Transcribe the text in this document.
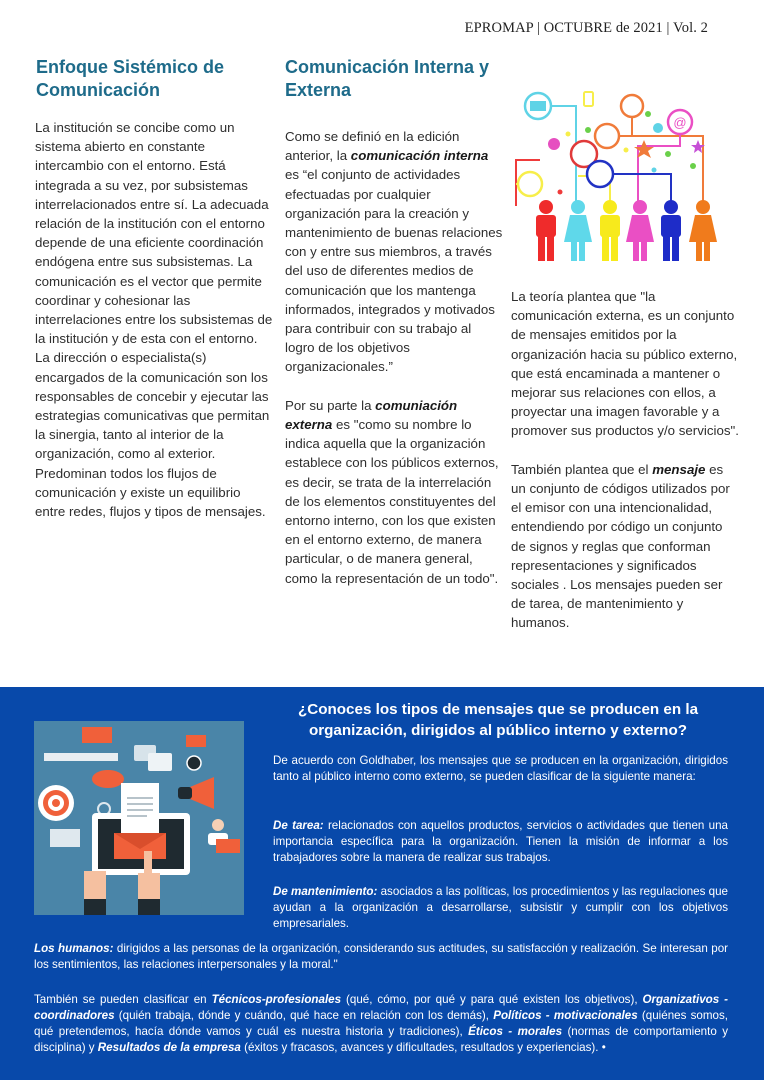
EPROMAP | OCTUBRE de 2021 | Vol. 2
Enfoque Sistémico de Comunicación

La institución se concibe como un sistema abierto en constante intercambio con el entorno. Está integrada a su vez, por subsistemas interrelacionados entre sí. La adecuada relación de la institución con el entorno depende de una eficiente coordinación endógena entre sus subsistemas. La comunicación es el vector que permite coordinar y cohesionar las interrelaciones entre los subsistemas de la institución y de esta con el entorno. La dirección o especialista(s) encargados de la comunicación son los responsables de concebir y ejecutar las estrategias comunicativas que permitan la sinergia, tanto al interior de la organización, como al exterior. Predominan todos los flujos de comunicación y existe un equilibrio entre redes, flujos y tipos de mensajes.

Comunicación Interna y Externa

Como se definió en la edición anterior, la comunicación interna es “el conjunto de actividades efectuadas por cualquier organización para la creación y mantenimiento de buenas relaciones con y entre sus miembros, a través del uso de diferentes medios de comunicación que los mantenga informados, integrados y motivados para contribuir con su trabajo al logro de los objetivos organizacionales.”

Por su parte la comuniación externa es "como su nombre lo indica aquella que la organización establece con los públicos externos, es decir, se trata de la interrelación de los elementos constituyentes del entorno interno, con los que existen en el entorno externo, de manera particular, o de manera general, como la representación de un todo".

@

La teoría plantea que "la comunicación externa, es un conjunto de mensajes emitidos por la organización hacia su público externo, que está encaminada a mantener o mejorar sus relaciones con ellos, a proyectar una imagen favorable y a promover sus productos y/o servicios".

También plantea que el mensaje es un conjunto de códigos utilizados por el emisor con una intencionalidad, entendiendo por código un conjunto de signos y reglas que conforman representaciones y significados sociales . Los mensajes pueden ser de tarea, de mantenimiento y humanos.

¿Conoces los tipos de mensajes que se producen en la organización, dirigidos al público interno y externo?

De acuerdo con Goldhaber, los mensajes que se producen en la organización, dirigidos tanto al público interno como externo, se pueden clasificar de la siguiente manera:

De tarea: relacionados con aquellos productos, servicios o actividades que tienen una importancia específica para la organización. Tienen la misión de informar a los trabajadores sobre la manera de realizar sus trabajos.

De mantenimiento: asociados a las políticas, los procedimientos y las regulaciones que ayudan a la organización a desarrollarse, subsistir y cumplir con los objetivos empresariales.

Los humanos: dirigidos a las personas de la organización, considerando sus actitudes, su satisfacción y realización. Se interesan por los sentimientos, las relaciones interpersonales y la moral."

También se pueden clasificar en Técnicos-profesionales (qué, cómo, por qué y para qué existen los objetivos), Organizativos - coordinadores (quién trabaja, dónde y cuándo, qué hace en relación con los demás), Políticos - motivacionales (quiénes somos, qué pretendemos, hacía dónde vamos y cuál es nuestra historia y tradiciones), Éticos - morales (normas de comportamiento y disciplina) y Resultados de la empresa (éxitos y fracasos, avances y dificultades, resultados y experiencias). •
